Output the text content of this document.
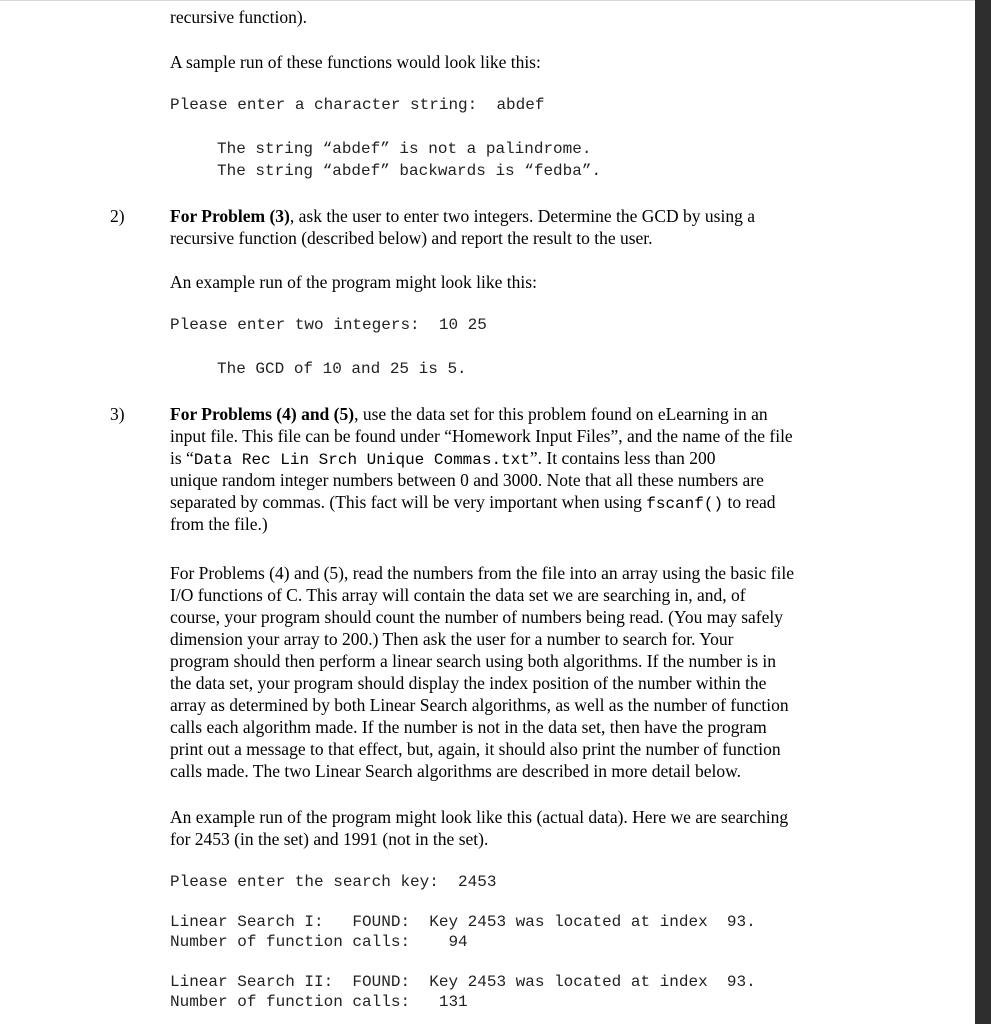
recursive function).
A sample run of these functions would look like this:
Please enter a character string:  abdef
The string “abdef” is not a palindrome.
The string “abdef” backwards is “fedba”.
2)	For Problem (3), ask the user to enter two integers. Determine the GCD by using a
recursive function (described below) and report the result to the user.
An example run of the program might look like this:
Please enter two integers:  10 25
The GCD of 10 and 25 is 5.
3)	For Problems (4) and (5), use the data set for this problem found on eLearning in an
input file. This file can be found under “Homework Input Files”, and the name of the file
is “Data Rec Lin Srch Unique Commas.txt”. It contains less than 200
unique random integer numbers between 0 and 3000. Note that all these numbers are
separated by commas. (This fact will be very important when using fscanf() to read
from the file.)
For Problems (4) and (5), read the numbers from the file into an array using the basic file
I/O functions of C. This array will contain the data set we are searching in, and, of
course, your program should count the number of numbers being read. (You may safely
dimension your array to 200.) Then ask the user for a number to search for. Your
program should then perform a linear search using both algorithms. If the number is in
the data set, your program should display the index position of the number within the
array as determined by both Linear Search algorithms, as well as the number of function
calls each algorithm made. If the number is not in the data set, then have the program
print out a message to that effect, but, again, it should also print the number of function
calls made. The two Linear Search algorithms are described in more detail below.
An example run of the program might look like this (actual data). Here we are searching
for 2453 (in the set) and 1991 (not in the set).
Please enter the search key:  2453
Linear Search I:   FOUND:  Key 2453 was located at index  93.
Number of function calls:    94
Linear Search II:  FOUND:  Key 2453 was located at index  93.
Number of function calls:   131
